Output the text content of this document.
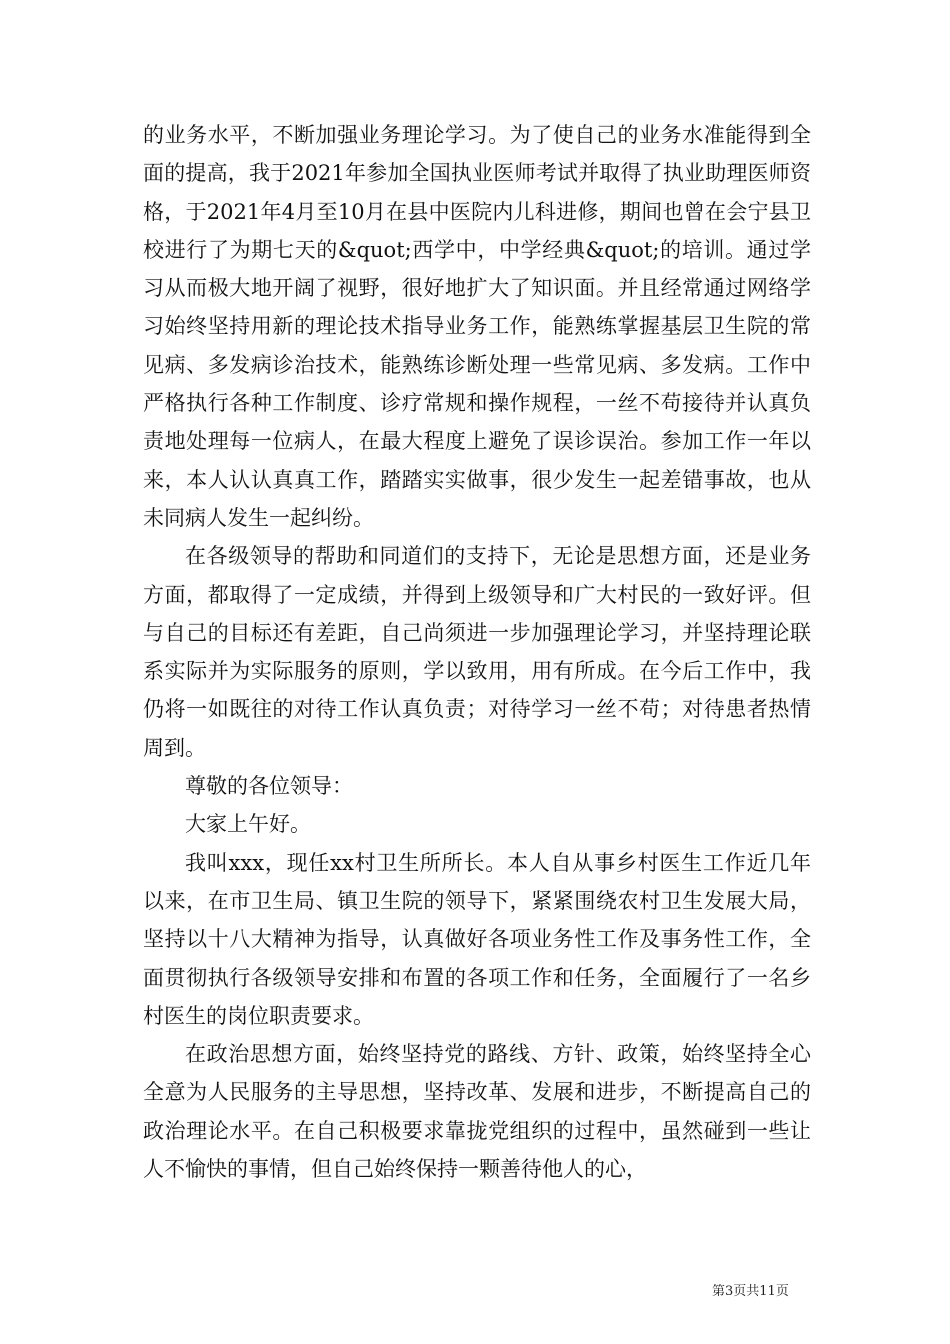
的业务水平，不断加强业务理论学习。为了使自己的业务水准能得到全面的提高，我于2021年参加全国执业医师考试并取得了执业助理医师资格，于2021年4月至10月在县中医院内儿科进修，期间也曾在会宁县卫校进行了为期七天的&quot;西学中，中学经典&quot;的培训。通过学习从而极大地开阔了视野，很好地扩大了知识面。并且经常通过网络学习始终坚持用新的理论技术指导业务工作，能熟练掌握基层卫生院的常见病、多发病诊治技术，能熟练诊断处理一些常见病、多发病。工作中严格执行各种工作制度、诊疗常规和操作规程，一丝不苟接待并认真负责地处理每一位病人，在最大程度上避免了误诊误治。参加工作一年以来，本人认认真真工作，踏踏实实做事，很少发生一起差错事故，也从未同病人发生一起纠纷。

在各级领导的帮助和同道们的支持下，无论是思想方面，还是业务方面，都取得了一定成绩，并得到上级领导和广大村民的一致好评。但与自己的目标还有差距，自己尚须进一步加强理论学习，并坚持理论联系实际并为实际服务的原则，学以致用，用有所成。在今后工作中，我仍将一如既往的对待工作认真负责；对待学习一丝不苟；对待患者热情周到。

尊敬的各位领导：

大家上午好。

我叫xxx，现任xx村卫生所所长。本人自从事乡村医生工作近几年以来，在市卫生局、镇卫生院的领导下，紧紧围绕农村卫生发展大局，坚持以十八大精神为指导，认真做好各项业务性工作及事务性工作，全面贯彻执行各级领导安排和布置的各项工作和任务，全面履行了一名乡村医生的岗位职责要求。

在政治思想方面，始终坚持党的路线、方针、政策，始终坚持全心全意为人民服务的主导思想，坚持改革、发展和进步，不断提高自己的政治理论水平。在自己积极要求靠拢党组织的过程中，虽然碰到一些让人不愉快的事情，但自己始终保持一颗善待他人的心，

第3页共11页
